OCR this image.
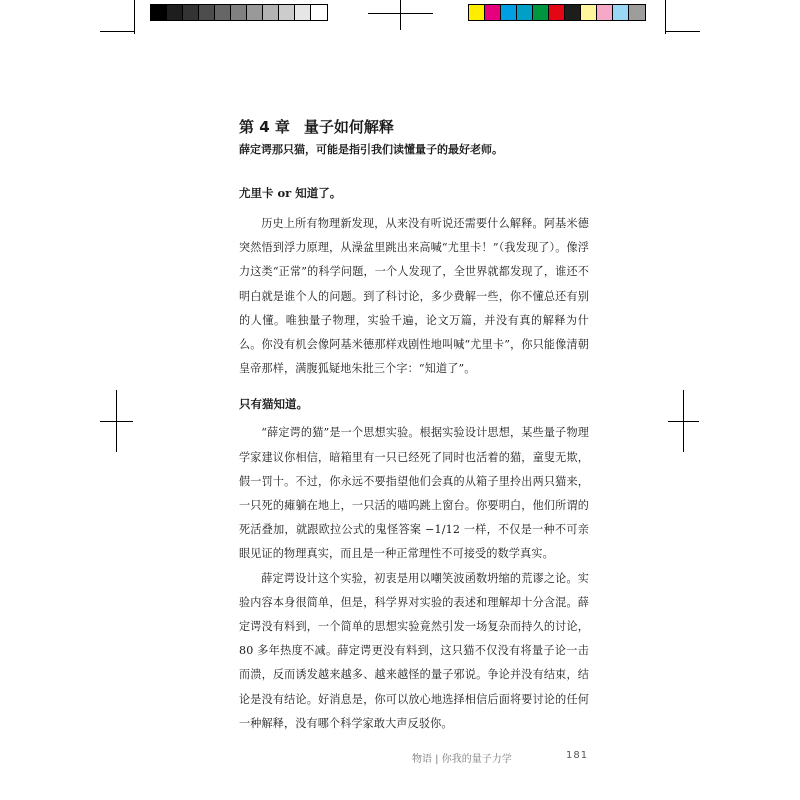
第 4 章 量子如何解释

薛定谔那只猫，可能是指引我们读懂量子的最好老师。

尤里卡 or 知道了。

历史上所有物理新发现，从来没有听说还需要什么解释。阿基米德突然悟到浮力原理，从澡盆里跳出来高喊“尤里卡！”（我发现了）。像浮力这类“正常”的科学问题，一个人发现了，全世界就都发现了，谁还不明白就是谁个人的问题。到了科讨论，多少费解一些，你不懂总还有别的人懂。唯独量子物理，实验千遍，论文万篇，并没有真的解释为什么。你没有机会像阿基米德那样戏剧性地叫喊“尤里卡”，你只能像清朝皇帝那样，满腹狐疑地朱批三个字：“知道了”。

只有猫知道。

“薛定谔的猫”是一个思想实验。根据实验设计思想，某些量子物理学家建议你相信，暗箱里有一只已经死了同时也活着的猫，童叟无欺，假一罚十。不过，你永远不要指望他们会真的从箱子里拎出两只猫来，一只死的瘫躺在地上，一只活的喵呜跳上窗台。你要明白，他们所谓的死活叠加，就跟欧拉公式的鬼怪答案 −1/12 一样，不仅是一种不可亲眼见证的物理真实，而且是一种正常理性不可接受的数学真实。

薛定谔设计这个实验，初衷是用以嘲笑波函数坍缩的荒谬之论。实验内容本身很简单，但是，科学界对实验的表述和理解却十分含混。薛定谔没有料到，一个简单的思想实验竟然引发一场复杂而持久的讨论，80 多年热度不减。薛定谔更没有料到，这只猫不仅没有将量子论一击而溃，反而诱发越来越多、越来越怪的量子邪说。争论并没有结束，结论是没有结论。好消息是，你可以放心地选择相信后面将要讨论的任何一种解释，没有哪个科学家敢大声反驳你。

物语 | 你我的量子力学	181
